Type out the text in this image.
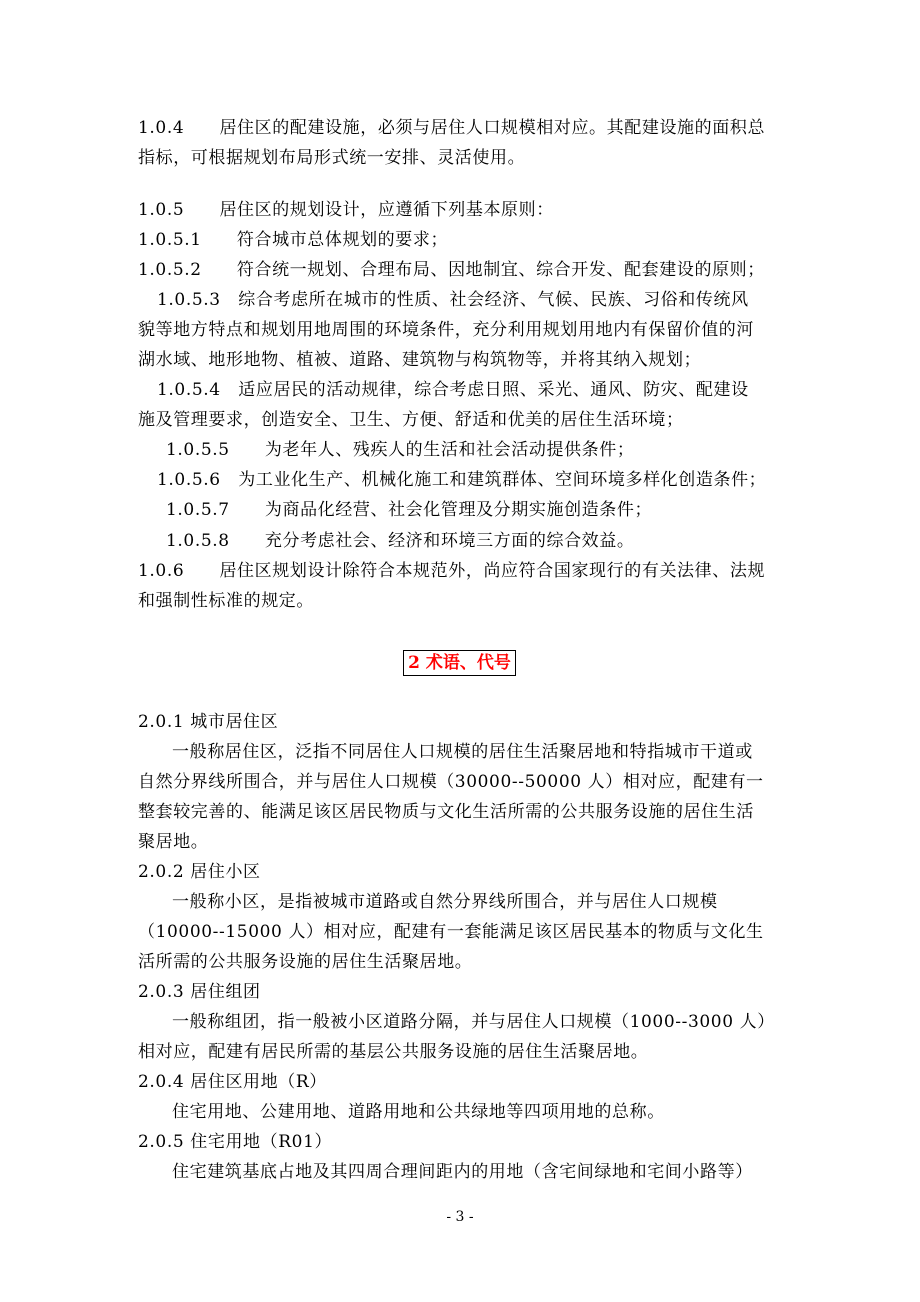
1.0.4　　居住区的配建设施，必须与居住人口规模相对应。其配建设施的面积总
指标，可根据规划布局形式统一安排、灵活使用。
1.0.5　　居住区的规划设计，应遵循下列基本原则：
1.0.5.1　　符合城市总体规划的要求；
1.0.5.2　　符合统一规划、合理布局、因地制宜、综合开发、配套建设的原则；
1.0.5.3　综合考虑所在城市的性质、社会经济、气候、民族、习俗和传统风
貌等地方特点和规划用地周围的环境条件，充分利用规划用地内有保留价值的河
湖水域、地形地物、植被、道路、建筑物与构筑物等，并将其纳入规划；
1.0.5.4　适应居民的活动规律，综合考虑日照、采光、通风、防灾、配建设
施及管理要求，创造安全、卫生、方便、舒适和优美的居住生活环境；
1.0.5.5　　为老年人、残疾人的生活和社会活动提供条件；
1.0.5.6　为工业化生产、机械化施工和建筑群体、空间环境多样化创造条件；
1.0.5.7　　为商品化经营、社会化管理及分期实施创造条件；
1.0.5.8　　充分考虑社会、经济和环境三方面的综合效益。
1.0.6　　居住区规划设计除符合本规范外，尚应符合国家现行的有关法律、法规
和强制性标准的规定。
2 术语、代号
2.0.1 城市居住区
一般称居住区，泛指不同居住人口规模的居住生活聚居地和特指城市干道或
自然分界线所围合，并与居住人口规模（30000--50000 人）相对应，配建有一
整套较完善的、能满足该区居民物质与文化生活所需的公共服务设施的居住生活
聚居地。
2.0.2 居住小区
一般称小区，是指被城市道路或自然分界线所围合，并与居住人口规模
（10000--15000 人）相对应，配建有一套能满足该区居民基本的物质与文化生
活所需的公共服务设施的居住生活聚居地。
2.0.3 居住组团
一般称组团，指一般被小区道路分隔，并与居住人口规模（1000--3000 人）
相对应，配建有居民所需的基层公共服务设施的居住生活聚居地。
2.0.4 居住区用地（R）
住宅用地、公建用地、道路用地和公共绿地等四项用地的总称。
2.0.5 住宅用地（R01）
住宅建筑基底占地及其四周合理间距内的用地（含宅间绿地和宅间小路等）
- 3 -
